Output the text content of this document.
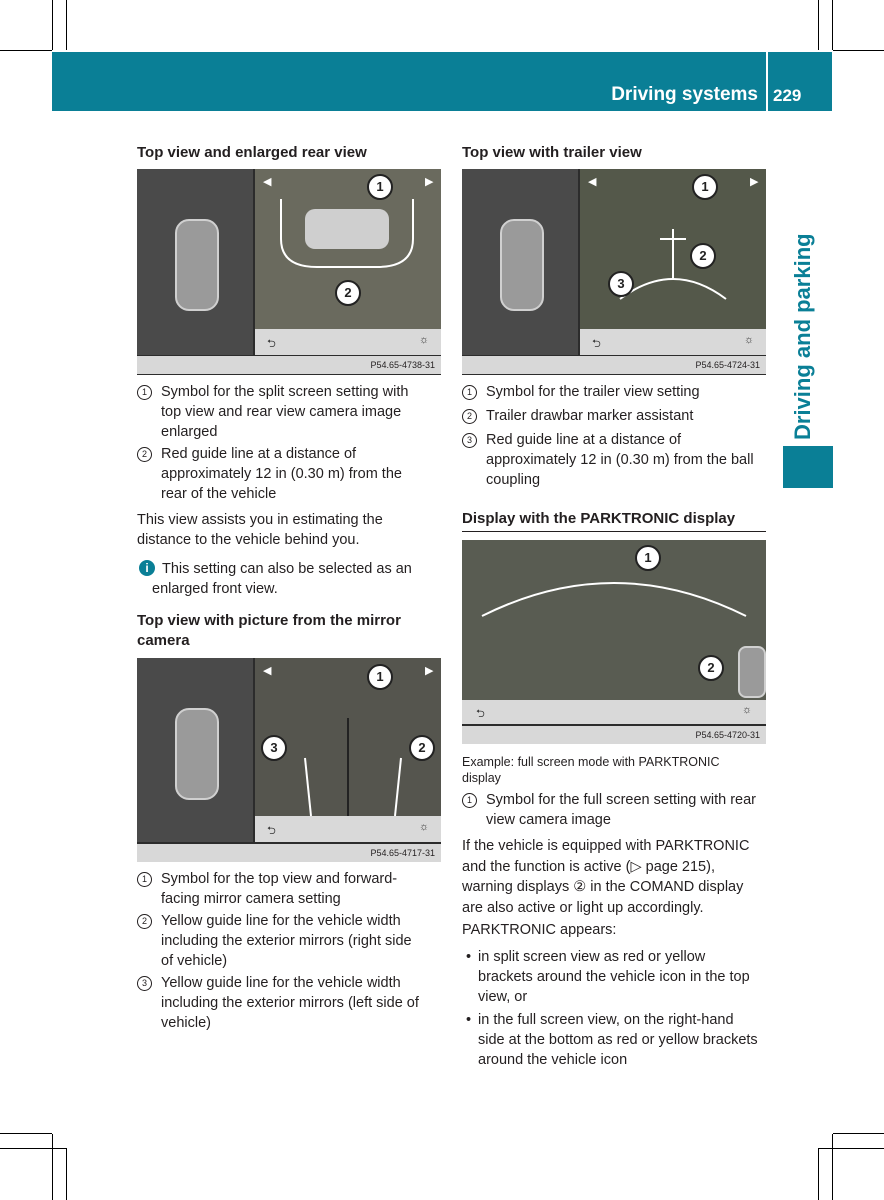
Driving systems 229
Driving and parking
Top view and enlarged rear view
◀	▶
1
2
⮌	☼
P54.65-4738-31
1 Symbol for the split screen setting with
top view and rear view camera image
enlarged
2 Red guide line at a distance of
approximately 12 in (0.30 m) from the
rear of the vehicle
This view assists you in estimating the
distance to the vehicle behind you.
i This setting can also be selected as an
enlarged front view.
Top view with picture from the mirror
camera
◀	▶
1
3	2
⮌	☼
P54.65-4717-31
1 Symbol for the top view and forward-
facing mirror camera setting
2 Yellow guide line for the vehicle width
including the exterior mirrors (right side
of vehicle)
3 Yellow guide line for the vehicle width
including the exterior mirrors (left side of
vehicle)
Top view with trailer view
◀	▶
1
2
3
⮌	☼
P54.65-4724-31
1 Symbol for the trailer view setting
2 Trailer drawbar marker assistant
3 Red guide line at a distance of
approximately 12 in (0.30 m) from the ball
coupling
Display with the PARKTRONIC display
1
2
⮌	☼
P54.65-4720-31
Example: full screen mode with PARKTRONIC
display
1 Symbol for the full screen setting with rear
view camera image
If the vehicle is equipped with PARKTRONIC
and the function is active (▷ page 215),
warning displays ② in the COMAND display
are also active or light up accordingly.
PARKTRONIC appears:
• in split screen view as red or yellow
brackets around the vehicle icon in the top
view, or
• in the full screen view, on the right-hand
side at the bottom as red or yellow brackets
around the vehicle icon
